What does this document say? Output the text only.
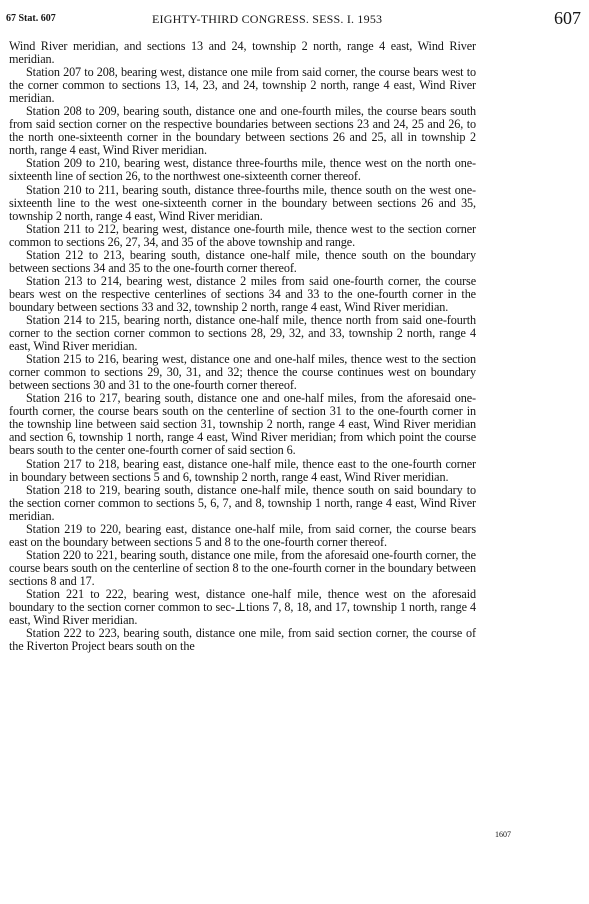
67 Stat. 607	EIGHTY-THIRD CONGRESS. SESS. I. 1953	607

Wind River meridian, and sections 13 and 24, township 2 north, range 4 east, Wind River meridian.

Station 207 to 208, bearing west, distance one mile from said corner, the course bears west to the corner common to sections 13, 14, 23, and 24, township 2 north, range 4 east, Wind River meridian.

Station 208 to 209, bearing south, distance one and one-fourth miles, the course bears south from said section corner on the respective boundaries between sections 23 and 24, 25 and 26, to the north one-sixteenth corner in the boundary between sections 26 and 25, all in township 2 north, range 4 east, Wind River meridian.

Station 209 to 210, bearing west, distance three-fourths mile, thence west on the north one-sixteenth line of section 26, to the northwest one-sixteenth corner thereof.

Station 210 to 211, bearing south, distance three-fourths mile, thence south on the west one-sixteenth line to the west one-sixteenth corner in the boundary between sections 26 and 35, township 2 north, range 4 east, Wind River meridian.

Station 211 to 212, bearing west, distance one-fourth mile, thence west to the section corner common to sections 26, 27, 34, and 35 of the above township and range.

Station 212 to 213, bearing south, distance one-half mile, thence south on the boundary between sections 34 and 35 to the one-fourth corner thereof.

Station 213 to 214, bearing west, distance 2 miles from said one-fourth corner, the course bears west on the respective centerlines of sections 34 and 33 to the one-fourth corner in the boundary between sections 33 and 32, township 2 north, range 4 east, Wind River meridian.

Station 214 to 215, bearing north, distance one-half mile, thence north from said one-fourth corner to the section corner common to sections 28, 29, 32, and 33, township 2 north, range 4 east, Wind River meridian.

Station 215 to 216, bearing west, distance one and one-half miles, thence west to the section corner common to sections 29, 30, 31, and 32; thence the course continues west on boundary between sections 30 and 31 to the one-fourth corner thereof.

Station 216 to 217, bearing south, distance one and one-half miles, from the aforesaid one-fourth corner, the course bears south on the centerline of section 31 to the one-fourth corner in the township line between said section 31, township 2 north, range 4 east, Wind River meridian and section 6, township 1 north, range 4 east, Wind River meridian; from which point the course bears south to the center one-fourth corner of said section 6.

Station 217 to 218, bearing east, distance one-half mile, thence east to the one-fourth corner in boundary between sections 5 and 6, township 2 north, range 4 east, Wind River meridian.

Station 218 to 219, bearing south, distance one-half mile, thence south on said boundary to the section corner common to sections 5, 6, 7, and 8, township 1 north, range 4 east, Wind River meridian.

Station 219 to 220, bearing east, distance one-half mile, from said corner, the course bears east on the boundary between sections 5 and 8 to the one-fourth corner thereof.

Station 220 to 221, bearing south, distance one mile, from the aforesaid one-fourth corner, the course bears south on the centerline of section 8 to the one-fourth corner in the boundary between sections 8 and 17.

Station 221 to 222, bearing west, distance one-half mile, thence west on the aforesaid boundary to the section corner common to sec-⊥tions 7, 8, 18, and 17, township 1 north, range 4 east, Wind River meridian.

Station 222 to 223, bearing south, distance one mile, from said section corner, the course of the Riverton Project bears south on the

1607
